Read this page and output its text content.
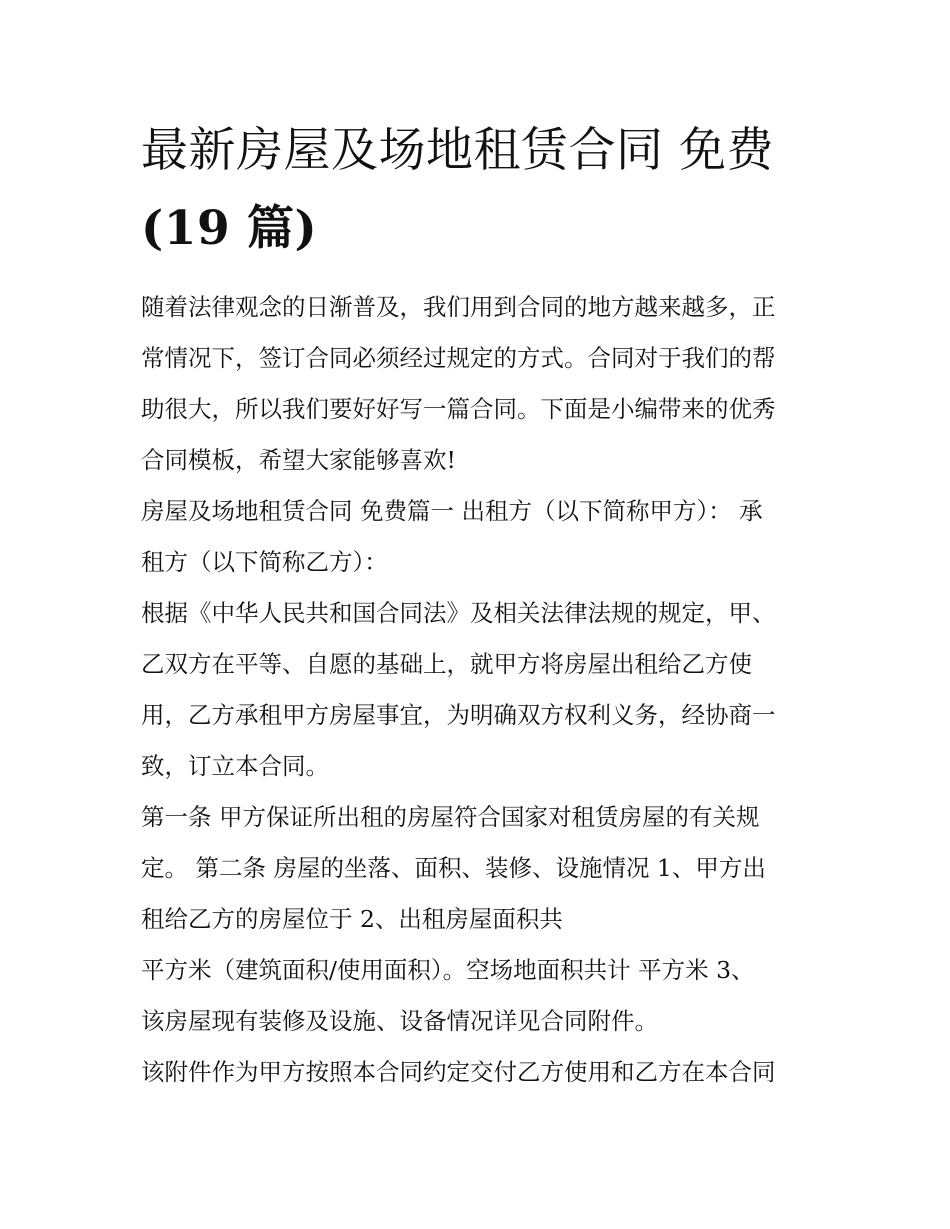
最新房屋及场地租赁合同 免费
(19 篇)

随着法律观念的日渐普及，我们用到合同的地方越来越多，正
常情况下，签订合同必须经过规定的方式。合同对于我们的帮
助很大，所以我们要好好写一篇合同。下面是小编带来的优秀
合同模板，希望大家能够喜欢!

房屋及场地租赁合同 免费篇一 出租方（以下简称甲方）： 承
租方（以下简称乙方）：

根据《中华人民共和国合同法》及相关法律法规的规定，甲、
乙双方在平等、自愿的基础上，就甲方将房屋出租给乙方使
用，乙方承租甲方房屋事宜，为明确双方权利义务，经协商一
致，订立本合同。

第一条 甲方保证所出租的房屋符合国家对租赁房屋的有关规
定。 第二条 房屋的坐落、面积、装修、设施情况 1、甲方出
租给乙方的房屋位于 2、出租房屋面积共

平方米（建筑面积/使用面积）。空场地面积共计 平方米 3、
该房屋现有装修及设施、设备情况详见合同附件。

该附件作为甲方按照本合同约定交付乙方使用和乙方在本合同
